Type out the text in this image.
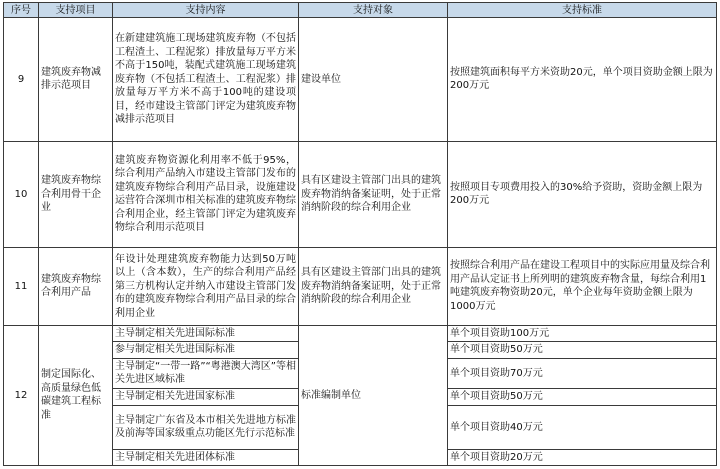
序号	支持项目	支持内容	支持对象	支持标准
9	建筑废弃物减排示范项目	在新建建筑施工现场建筑废弃物（不包括工程渣土、工程泥浆）排放量每万平方米不高于150吨，装配式建筑施工现场建筑废弃物（不包括工程渣土、工程泥浆）排放量每万平方米不高于100吨的建设项目，经市建设主管部门评定为建筑废弃物减排示范项目	建设单位	按照建筑面积每平方米资助20元，单个项目资助金额上限为200万元
10	建筑废弃物综合利用骨干企业	建筑废弃物资源化利用率不低于95%，综合利用产品纳入市建设主管部门发布的建筑废弃物综合利用产品目录，设施建设运营符合深圳市相关标准的建筑废弃物综合利用企业，经主管部门评定为建筑废弃物综合利用示范项目	具有区建设主管部门出具的建筑废弃物消纳备案证明，处于正常消纳阶段的综合利用企业	按照项目专项费用投入的30%给予资助，资助金额上限为200万元
11	建筑废弃物综合利用产品	年设计处理建筑废弃物能力达到50万吨以上（含本数），生产的综合利用产品经第三方机构认定并纳入市建设主管部门发布的建筑废弃物综合利用产品目录的综合利用企业	具有区建设主管部门出具的建筑废弃物消纳备案证明，处于正常消纳阶段的综合利用企业	按照综合利用产品在建设工程项目中的实际应用量及综合利用产品认定证书上所列明的建筑废弃物含量，每综合利用1吨建筑废弃物资助20元，单个企业每年资助金额上限为1000万元
12	制定国际化、高质量绿色低碳建筑工程标准	主导制定相关先进国际标准	标准编制单位	单个项目资助100万元
		参与制定相关先进国际标准		单个项目资助50万元
		主导制定“一带一路”“粤港澳大湾区”等相关先进区域标准		单个项目资助70万元
		主导制定相关先进国家标准		单个项目资助50万元
		主导制定广东省及本市相关先进地方标准及前海等国家级重点功能区先行示范标准		单个项目资助40万元
		主导制定相关先进团体标准		单个项目资助20万元
